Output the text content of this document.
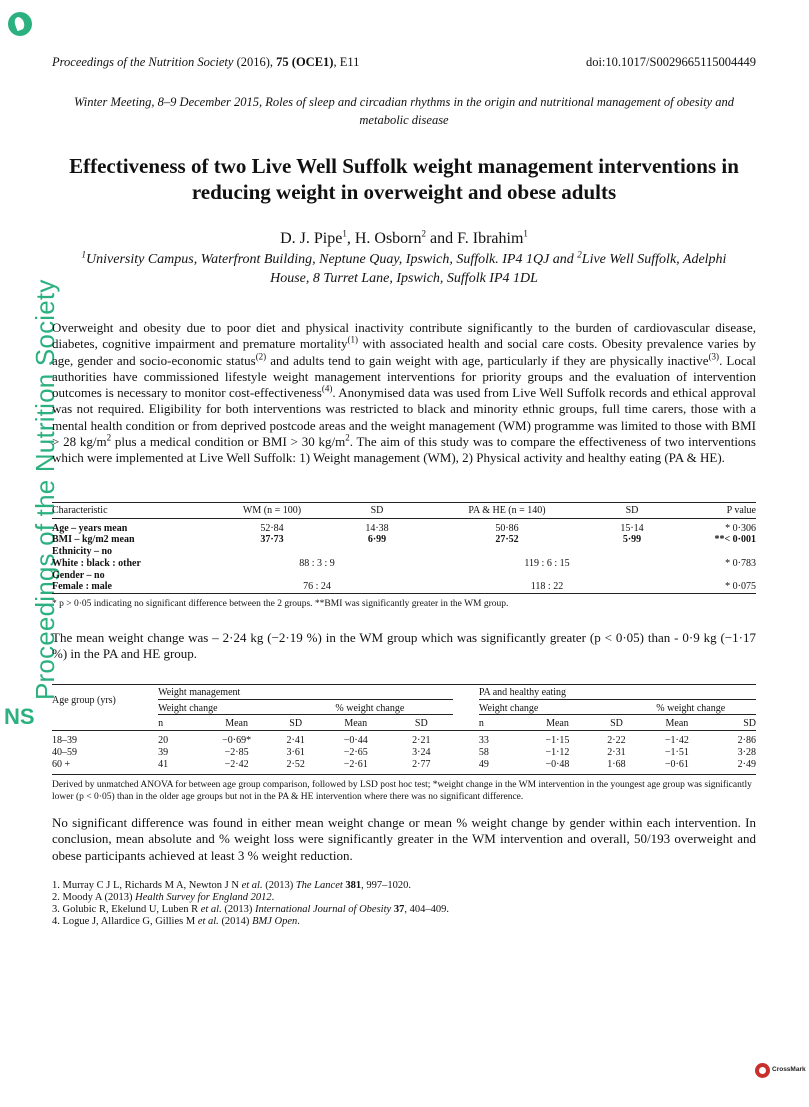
Proceedings of the Nutrition Society
NS
Proceedings of the Nutrition Society (2016), 75 (OCE1), E11	doi:10.1017/S0029665115004449
Winter Meeting, 8–9 December 2015, Roles of sleep and circadian rhythms in the origin and nutritional management of obesity and metabolic disease
Effectiveness of two Live Well Suffolk weight management interventions in reducing weight in overweight and obese adults
D. J. Pipe$^1$, H. Osborn$^2$ and F. Ibrahim$^1$
$^1$University Campus, Waterfront Building, Neptune Quay, Ipswich, Suffolk. IP4 1QJ and $^2$Live Well Suffolk, Adelphi House, 8 Turret Lane, Ipswich, Suffolk IP4 1DL
Overweight and obesity due to poor diet and physical inactivity contribute significantly to the burden of cardiovascular disease, diabetes, cognitive impairment and premature mortality$^{(1)}$ with associated health and social care costs. Obesity prevalence varies by age, gender and socio-economic status$^{(2)}$ and adults tend to gain weight with age, particularly if they are physically inactive$^{(3)}$. Local authorities have commissioned lifestyle weight management interventions for priority groups and the evaluation of intervention outcomes is necessary to monitor cost-effectiveness$^{(4)}$. Anonymised data was used from Live Well Suffolk records and ethical approval was not required. Eligibility for both interventions was restricted to black and minority ethnic groups, full time carers, those with a mental health condition or from deprived postcode areas and the weight management (WM) programme was limited to those with BMI > 28 $kg/m^2$ plus a medical condition or BMI > 30 $kg/m^2$. The aim of this study was to compare the effectiveness of two interventions which were implemented at Live Well Suffolk: 1) Weight management (WM), 2) Physical activity and healthy eating (PA & HE).
Characteristic	WM (n = 100)	SD	PA & HE (n = 140)	SD	P value

Age – years mean	52·84	14·38	50·86	15·14	* 0·306
BMI – kg/m2 mean	37·73	6·99	27·52	5·99	**< 0·001
Ethnicity – no					
White : black : other	88 : 3 : 9		119 : 6 : 15		* 0·783
Gender – no					
Female : male	76 : 24		118 : 22		* 0·075
* p > 0·05 indicating no significant difference between the 2 groups. **BMI was significantly greater in the WM group.
The mean weight change was – 2·24 kg (−2·19 %) in the WM group which was significantly greater (p < 0·05) than - 0·9 kg (−1·17 %) in the PA and HE group.
Age group (yrs)	Weight management						PA and healthy eating				
	Weight change			% weight change			Weight change			% weight change	
	n	Mean	SD	Mean	SD		n	Mean	SD	Mean	SD

18–39	20	−0·69*	2·41	−0·44	2·21		33	−1·15	2·22	−1·42	2·86
40–59	39	−2·85	3·61	−2·65	3·24		58	−1·12	2·31	−1·51	3·28
60 +	41	−2·42	2·52	−2·61	2·77		49	−0·48	1·68	−0·61	2·49
Derived by unmatched ANOVA for between age group comparison, followed by LSD post hoc test; *weight change in the WM intervention in the youngest age group was significantly lower (p < 0·05) than in the older age groups but not in the PA & HE intervention where there was no significant difference.
No significant difference was found in either mean weight change or mean % weight change by gender within each intervention. In conclusion, mean absolute and % weight loss were significantly greater in the WM intervention and overall, 50/193 overweight and obese participants achieved at least 3 % weight reduction.
1. Murray C J L, Richards M A, Newton J N et al. (2013) The Lancet 381, 997–1020.
2. Moody A (2013) Health Survey for England 2012.
3. Golubic R, Ekelund U, Luben R et al. (2013) International Journal of Obesity 37, 404–409.
4. Logue J, Allardice G, Gillies M et al. (2014) BMJ Open.
CrossMark
